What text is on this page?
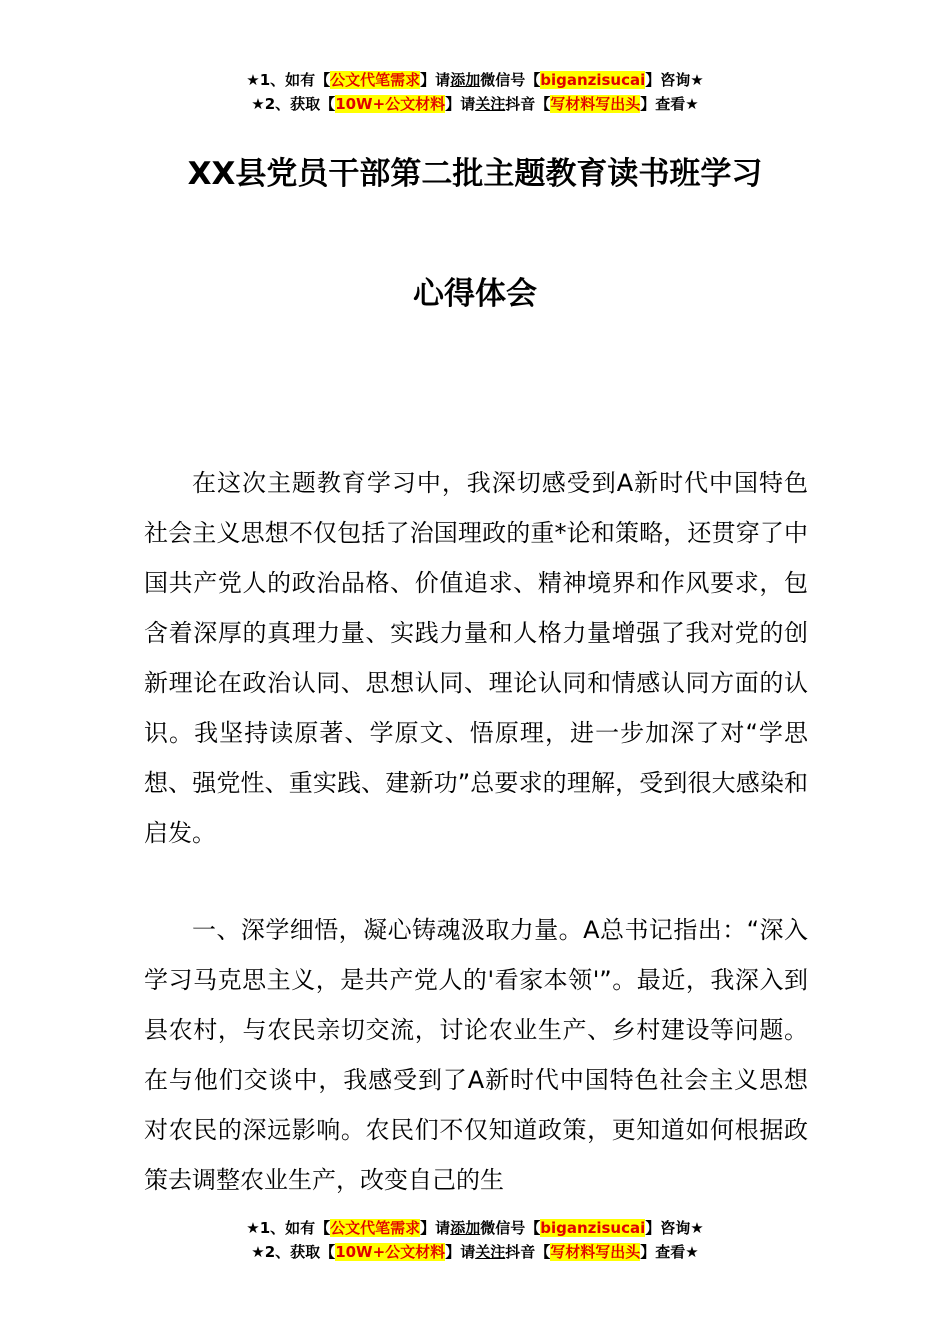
★1、如有【公文代笔需求】请添加微信号【biganzisucai】咨询★
★2、获取【10W+公文材料】请关注抖音【写材料写出头】查看★
XX县党员干部第二批主题教育读书班学习
心得体会

在这次主题教育学习中，我深切感受到A新时代中国特色社会主义思想不仅包括了治国理政的重*论和策略，还贯穿了中国共产党人的政治品格、价值追求、精神境界和作风要求，包含着深厚的真理力量、实践力量和人格力量增强了我对党的创新理论在政治认同、思想认同、理论认同和情感认同方面的认识。我坚持读原著、学原文、悟原理，进一步加深了对“学思想、强党性、重实践、建新功”总要求的理解，受到很大感染和启发。

一、深学细悟，凝心铸魂汲取力量。A总书记指出：“深入学习马克思主义，是共产党人的'看家本领'”。最近，我深入到县农村，与农民亲切交流，讨论农业生产、乡村建设等问题。在与他们交谈中，我感受到了A新时代中国特色社会主义思想对农民的深远影响。农民们不仅知道政策，更知道如何根据政策去调整农业生产，改变自己的生

★1、如有【公文代笔需求】请添加微信号【biganzisucai】咨询★
★2、获取【10W+公文材料】请关注抖音【写材料写出头】查看★
